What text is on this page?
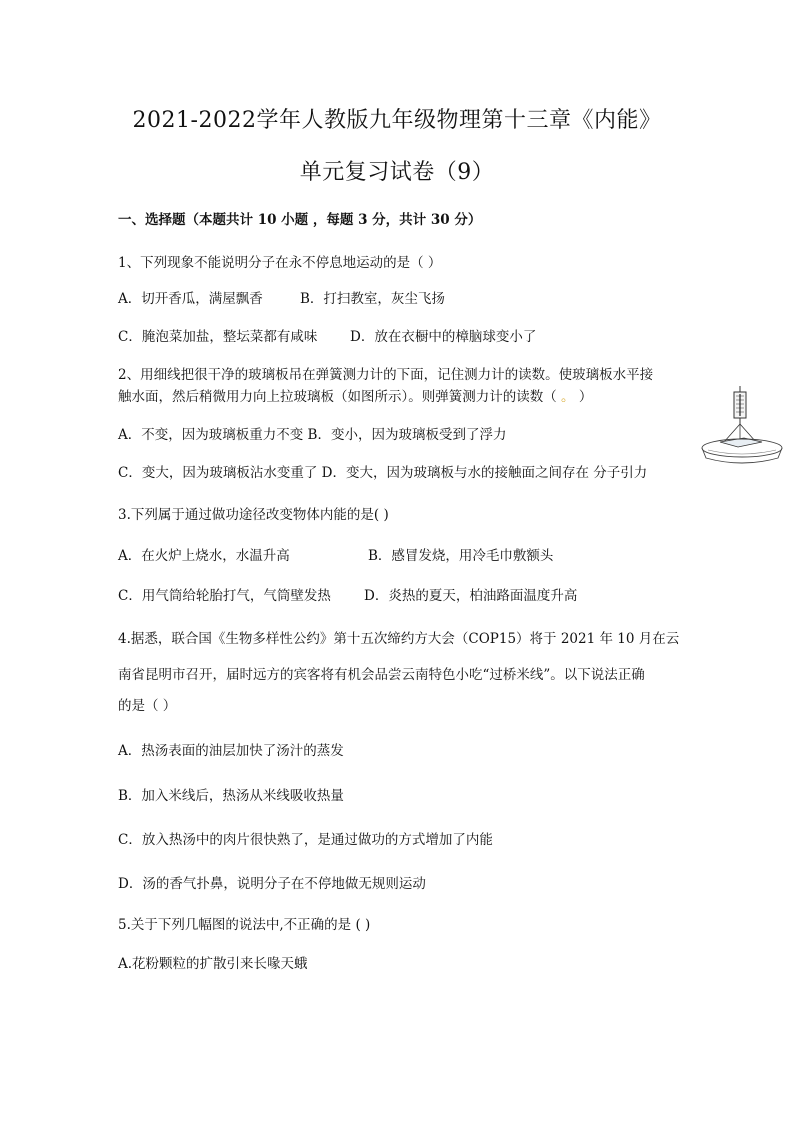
2021-2022学年人教版九年级物理第十三章《内能》
单元复习试卷（9）
一、选择题（本题共计 10 小题 ，每题 3 分，共计 30 分）
1、下列现象不能说明分子在永不停息地运动的是（ ）
A．切开香瓜，满屋飘香	B．打扫教室，灰尘飞扬
C．腌泡菜加盐，整坛菜都有咸味 D．放在衣橱中的樟脑球变小了
2、用细线把很干净的玻璃板吊在弹簧测力计的下面，记住测力计的读数。使玻璃板水平接
触水面，然后稍微用力向上拉玻璃板（如图所示）。则弹簧测力计的读数（ 。 ）
A．不变，因为玻璃板重力不变 B．变小，因为玻璃板受到了浮力
C．变大，因为玻璃板沾水变重了 D．变大，因为玻璃板与水的接触面之间存在 分子引力
3.下列属于通过做功途径改变物体内能的是( )
A．在火炉上烧水，水温升高	B．感冒发烧，用冷毛巾敷额头
C．用气筒给轮胎打气，气筒壁发热 D．炎热的夏天，柏油路面温度升高
4.据悉，联合国《生物多样性公约》第十五次缔约方大会（COP15）将于 2021 年 10 月在云
南省昆明市召开，届时远方的宾客将有机会品尝云南特色小吃“过桥米线”。以下说法正确
的是（ ）
A．热汤表面的油层加快了汤汁的蒸发
B．加入米线后，热汤从米线吸收热量
C．放入热汤中的肉片很快熟了，是通过做功的方式增加了内能
D．汤的香气扑鼻，说明分子在不停地做无规则运动
5.关于下列几幅图的说法中,不正确的是 ( )
A.花粉颗粒的扩散引来长喙天蛾
